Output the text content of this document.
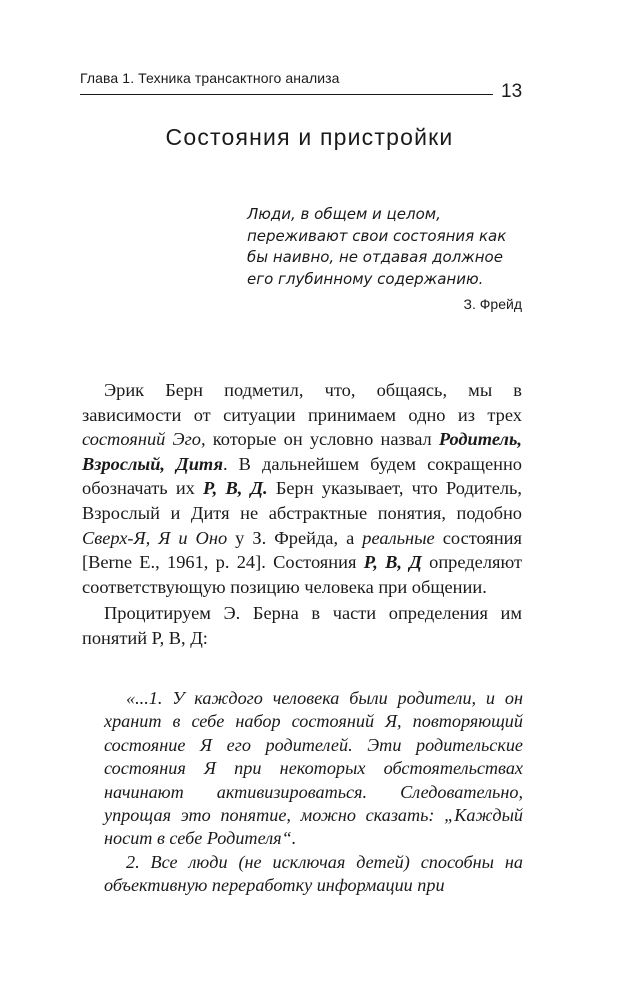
Глава 1. Техника трансактного анализа
13
Состояния и пристройки

Люди, в общем и целом, переживают свои состояния как бы наивно, не отдавая должное его глубинному содержанию.

З. Фрейд

Эрик Берн подметил, что, общаясь, мы в зависимости от ситуации принимаем одно из трех состояний Эго, которые он условно назвал Родитель, Взрослый, Дитя. В дальнейшем будем сокращенно обозначать их Р, В, Д. Берн указывает, что Родитель, Взрослый и Дитя не абстрактные понятия, подобно Сверх-Я, Я и Оно у З. Фрейда, а реальные состояния [Berne E., 1961, p. 24]. Состояния Р, В, Д определяют соответствующую позицию человека при общении.

Процитируем Э. Берна в части определения им понятий Р, В, Д:

«...1. У каждого человека были родители, и он хранит в себе набор состояний Я, повторяющий состояние Я его родителей. Эти родительские состояния Я при некоторых обстоятельствах начинают активизироваться. Следовательно, упрощая это понятие, можно сказать: „Каждый носит в себе Родителя“.

2. Все люди (не исключая детей) способны на объективную переработку информации при
